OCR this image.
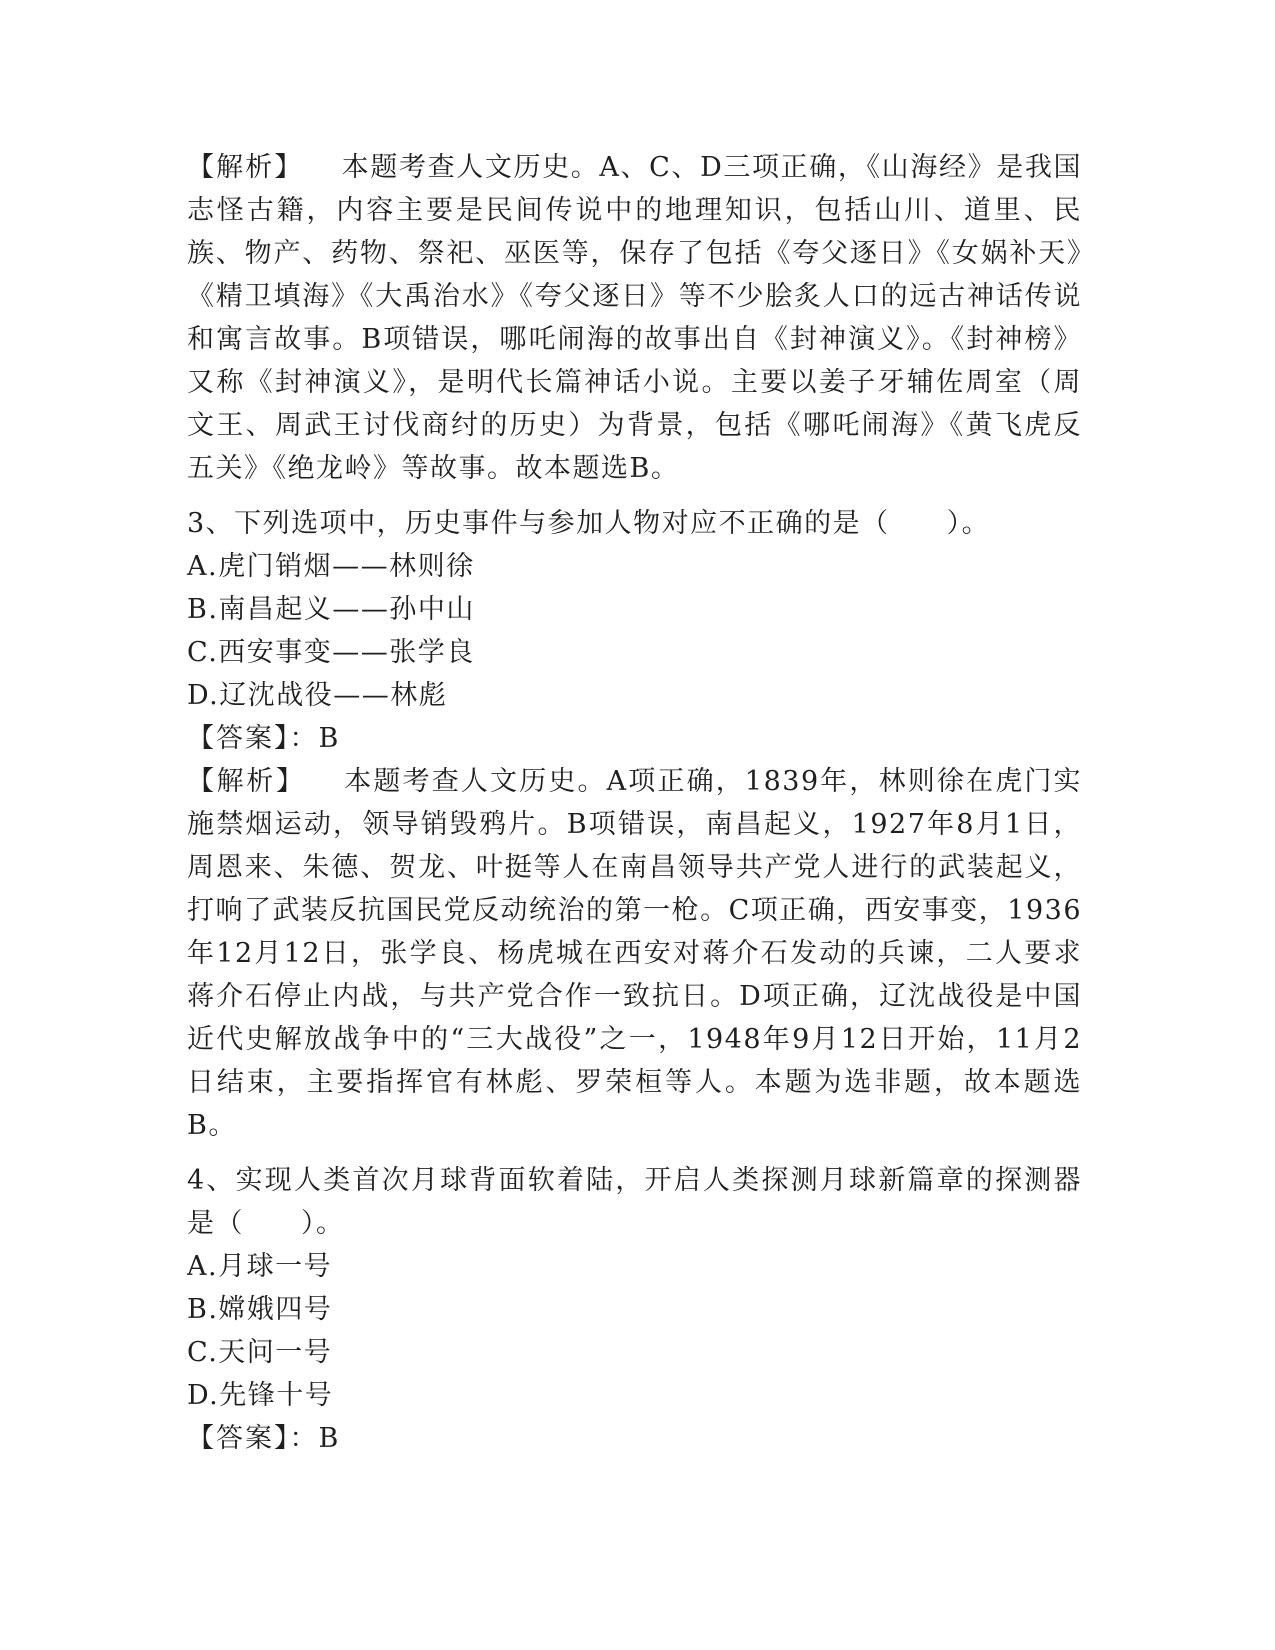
【解析】 本题考查人文历史。A、C、D三项正确，《山海经》是我国志怪古籍，内容主要是民间传说中的地理知识，包括山川、道里、民族、物产、药物、祭祀、巫医等，保存了包括《夸父逐日》《女娲补天》《精卫填海》《大禹治水》《夸父逐日》等不少脍炙人口的远古神话传说和寓言故事。B项错误，哪吒闹海的故事出自《封神演义》。《封神榜》又称《封神演义》，是明代长篇神话小说。主要以姜子牙辅佐周室（周文王、周武王讨伐商纣的历史）为背景，包括《哪吒闹海》《黄飞虎反五关》《绝龙岭》等故事。故本题选B。

3、下列选项中，历史事件与参加人物对应不正确的是（　　）。

A.虎门销烟——林则徐

B.南昌起义——孙中山

C.西安事变——张学良

D.辽沈战役——林彪

【答案】：B

【解析】 本题考查人文历史。A项正确，1839年，林则徐在虎门实施禁烟运动，领导销毁鸦片。B项错误，南昌起义，1927年8月1日，周恩来、朱德、贺龙、叶挺等人在南昌领导共产党人进行的武装起义，打响了武装反抗国民党反动统治的第一枪。C项正确，西安事变，1936年12月12日，张学良、杨虎城在西安对蒋介石发动的兵谏，二人要求蒋介石停止内战，与共产党合作一致抗日。D项正确，辽沈战役是中国近代史解放战争中的“三大战役”之一，1948年9月12日开始，11月2日结束，主要指挥官有林彪、罗荣桓等人。本题为选非题，故本题选B。

4、实现人类首次月球背面软着陆，开启人类探测月球新篇章的探测器是（　　）。

A.月球一号

B.嫦娥四号

C.天问一号

D.先锋十号

【答案】：B
